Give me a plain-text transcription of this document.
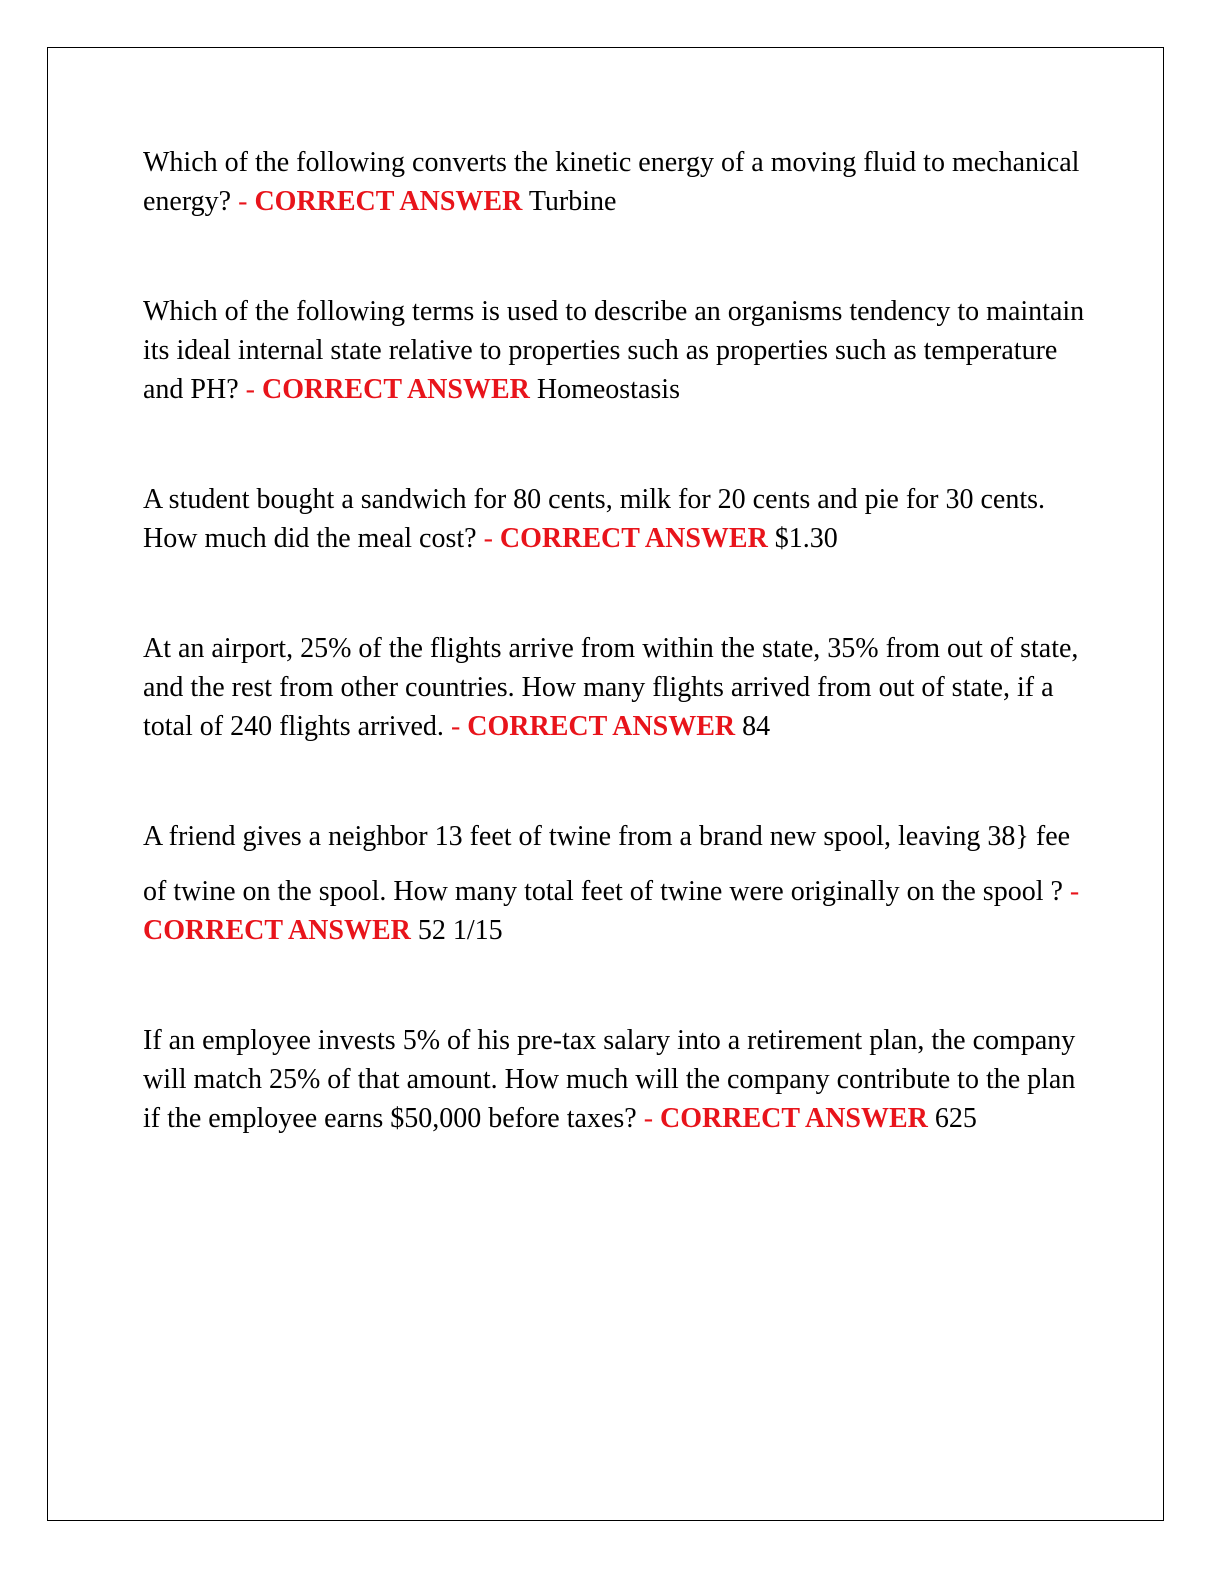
Which of the following converts the kinetic energy of a moving fluid to mechanical energy? - CORRECT ANSWER Turbine

Which of the following terms is used to describe an organisms tendency to maintain its ideal internal state relative to properties such as properties such as temperature and PH? - CORRECT ANSWER Homeostasis

A student bought a sandwich for 80 cents, milk for 20 cents and pie for 30 cents. How much did the meal cost? - CORRECT ANSWER $1.30

At an airport, 25% of the flights arrive from within the state, 35% from out of state, and the rest from other countries. How many flights arrived from out of state, if a total of 240 flights arrived. - CORRECT ANSWER 84

A friend gives a neighbor 13 feet of twine from a brand new spool, leaving 38} fee

of twine on the spool. How many total feet of twine were originally on the spool ? - CORRECT ANSWER 52 1/15

If an employee invests 5% of his pre-tax salary into a retirement plan, the company will match 25% of that amount. How much will the company contribute to the plan if the employee earns $50,000 before taxes? - CORRECT ANSWER 625
